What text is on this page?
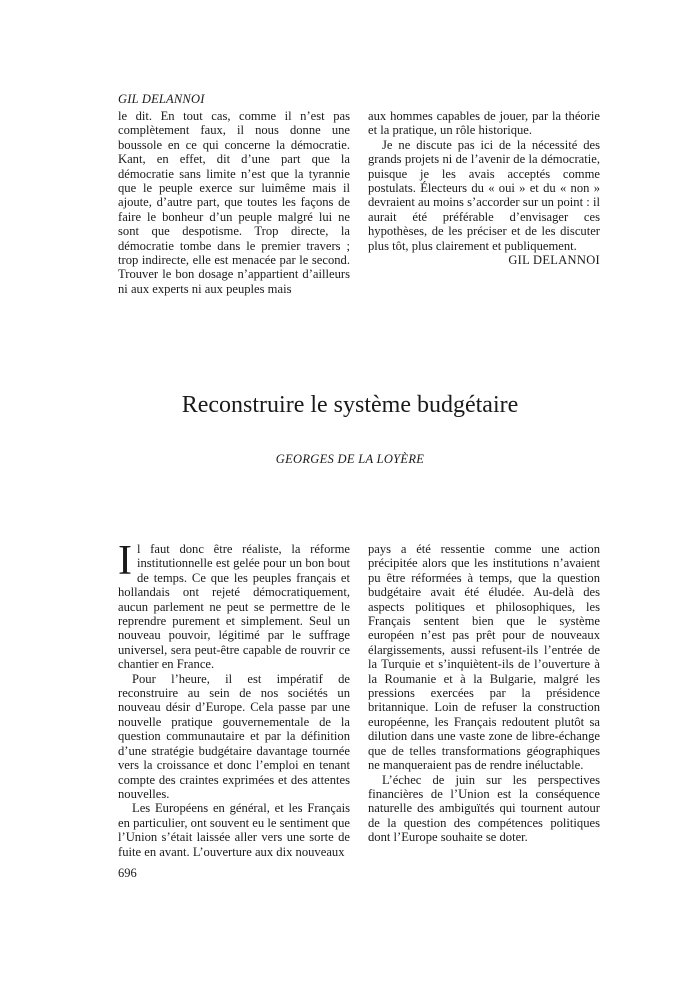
GIL DELANNOI

le dit. En tout cas, comme il n’est pas complètement faux, il nous donne une boussole en ce qui concerne la démocratie. Kant, en effet, dit d’une part que la démocratie sans limite n’est que la tyrannie que le peuple exerce sur luimême mais il ajoute, d’autre part, que toutes les façons de faire le bonheur d’un peuple malgré lui ne sont que despotisme. Trop directe, la démocratie tombe dans le premier travers ; trop indirecte, elle est menacée par le second. Trouver le bon dosage n’appartient d’ailleurs ni aux experts ni aux peuples mais

aux hommes capables de jouer, par la théorie et la pratique, un rôle historique.

Je ne discute pas ici de la nécessité des grands projets ni de l’avenir de la démocratie, puisque je les avais acceptés comme postulats. Électeurs du « oui » et du « non » devraient au moins s’accorder sur un point : il aurait été préférable d’envisager ces hypothèses, de les préciser et de les discuter plus tôt, plus clairement et publiquement.

GIL DELANNOI

Reconstruire le système budgétaire
GEORGES DE LA LOYÈRE

Il faut donc être réaliste, la réforme institutionnelle est gelée pour un bon bout de temps. Ce que les peuples français et hollandais ont rejeté démocratiquement, aucun parlement ne peut se permettre de le reprendre purement et simplement. Seul un nouveau pouvoir, légitimé par le suffrage universel, sera peut-être capable de rouvrir ce chantier en France.

Pour l’heure, il est impératif de reconstruire au sein de nos sociétés un nouveau désir d’Europe. Cela passe par une nouvelle pratique gouvernementale de la question communautaire et par la définition d’une stratégie budgétaire davantage tournée vers la croissance et donc l’emploi en tenant compte des craintes exprimées et des attentes nouvelles.

Les Européens en général, et les Français en particulier, ont souvent eu le sentiment que l’Union s’était laissée aller vers une sorte de fuite en avant. L’ouverture aux dix nouveaux

pays a été ressentie comme une action précipitée alors que les institutions n’avaient pu être réformées à temps, que la question budgétaire avait été éludée. Au-delà des aspects politiques et philosophiques, les Français sentent bien que le système européen n’est pas prêt pour de nouveaux élargissements, aussi refusent-ils l’entrée de la Turquie et s’inquiètent-ils de l’ouverture à la Roumanie et à la Bulgarie, malgré les pressions exercées par la présidence britannique. Loin de refuser la construction européenne, les Français redoutent plutôt sa dilution dans une vaste zone de libre-échange que de telles transformations géographiques ne manqueraient pas de rendre inéluctable.

L’échec de juin sur les perspectives financières de l’Union est la conséquence naturelle des ambiguïtés qui tournent autour de la question des compétences politiques dont l’Europe souhaite se doter.

696
